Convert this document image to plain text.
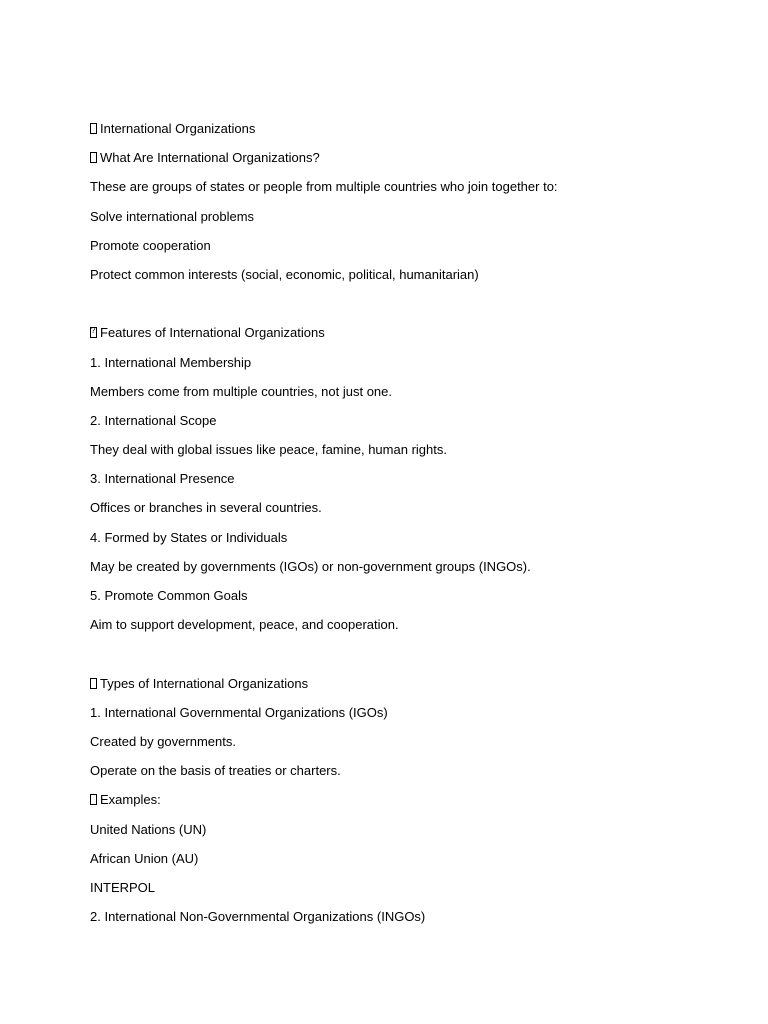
International Organizations
What Are International Organizations?
These are groups of states or people from multiple countries who join together to:
Solve international problems
Promote cooperation
Protect common interests (social, economic, political, humanitarian)
?Features of International Organizations
1. International Membership
Members come from multiple countries, not just one.
2. International Scope
They deal with global issues like peace, famine, human rights.
3. International Presence
Offices or branches in several countries.
4. Formed by States or Individuals
May be created by governments (IGOs) or non-government groups (INGOs).
5. Promote Common Goals
Aim to support development, peace, and cooperation.
Types of International Organizations
1. International Governmental Organizations (IGOs)
Created by governments.
Operate on the basis of treaties or charters.
Examples:
United Nations (UN)
African Union (AU)
INTERPOL
2. International Non-Governmental Organizations (INGOs)
